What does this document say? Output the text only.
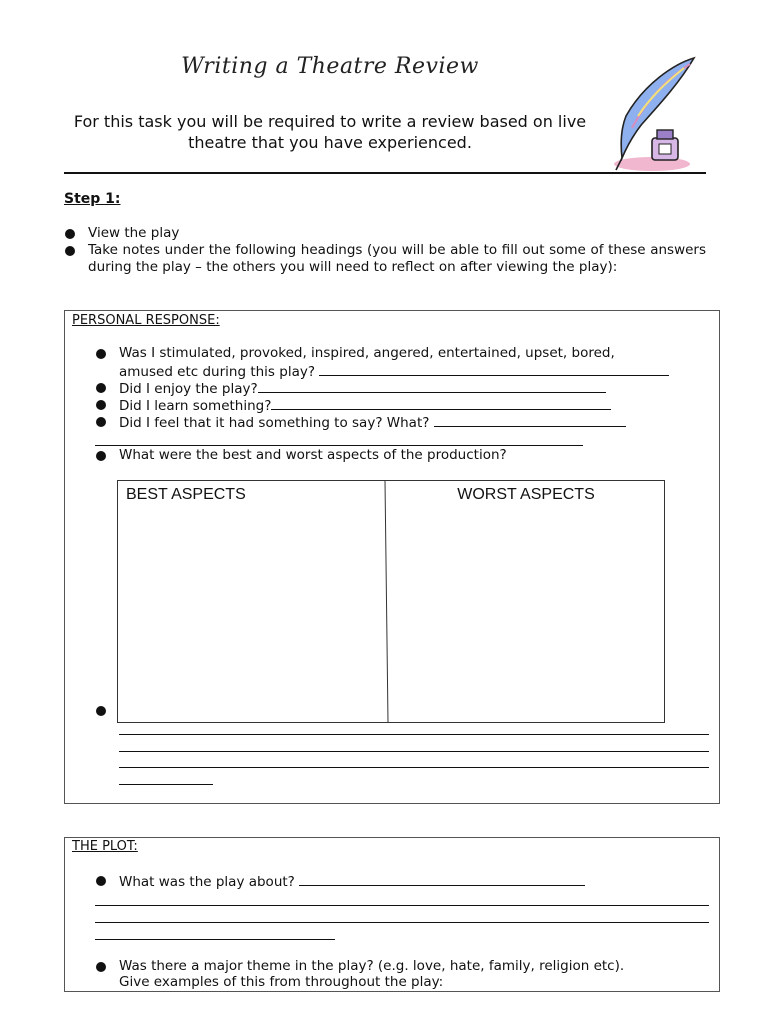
Writing a Theatre Review
For this task you will be required to write a review based on live theatre that you have experienced.
Step 1:
View the play
Take notes under the following headings (you will be able to fill out some of these answers during the play – the others you will need to reflect on after viewing the play):
PERSONAL RESPONSE:
Was I stimulated, provoked, inspired, angered, entertained, upset, bored,
amused etc during this play?
Did I enjoy the play?
Did I learn something?
Did I feel that it had something to say? What?
What were the best and worst aspects of the production?
BEST ASPECTS	WORST ASPECTS
THE PLOT:
What was the play about?
Was there a major theme in the play? (e.g. love, hate, family, religion etc).
Give examples of this from throughout the play:
